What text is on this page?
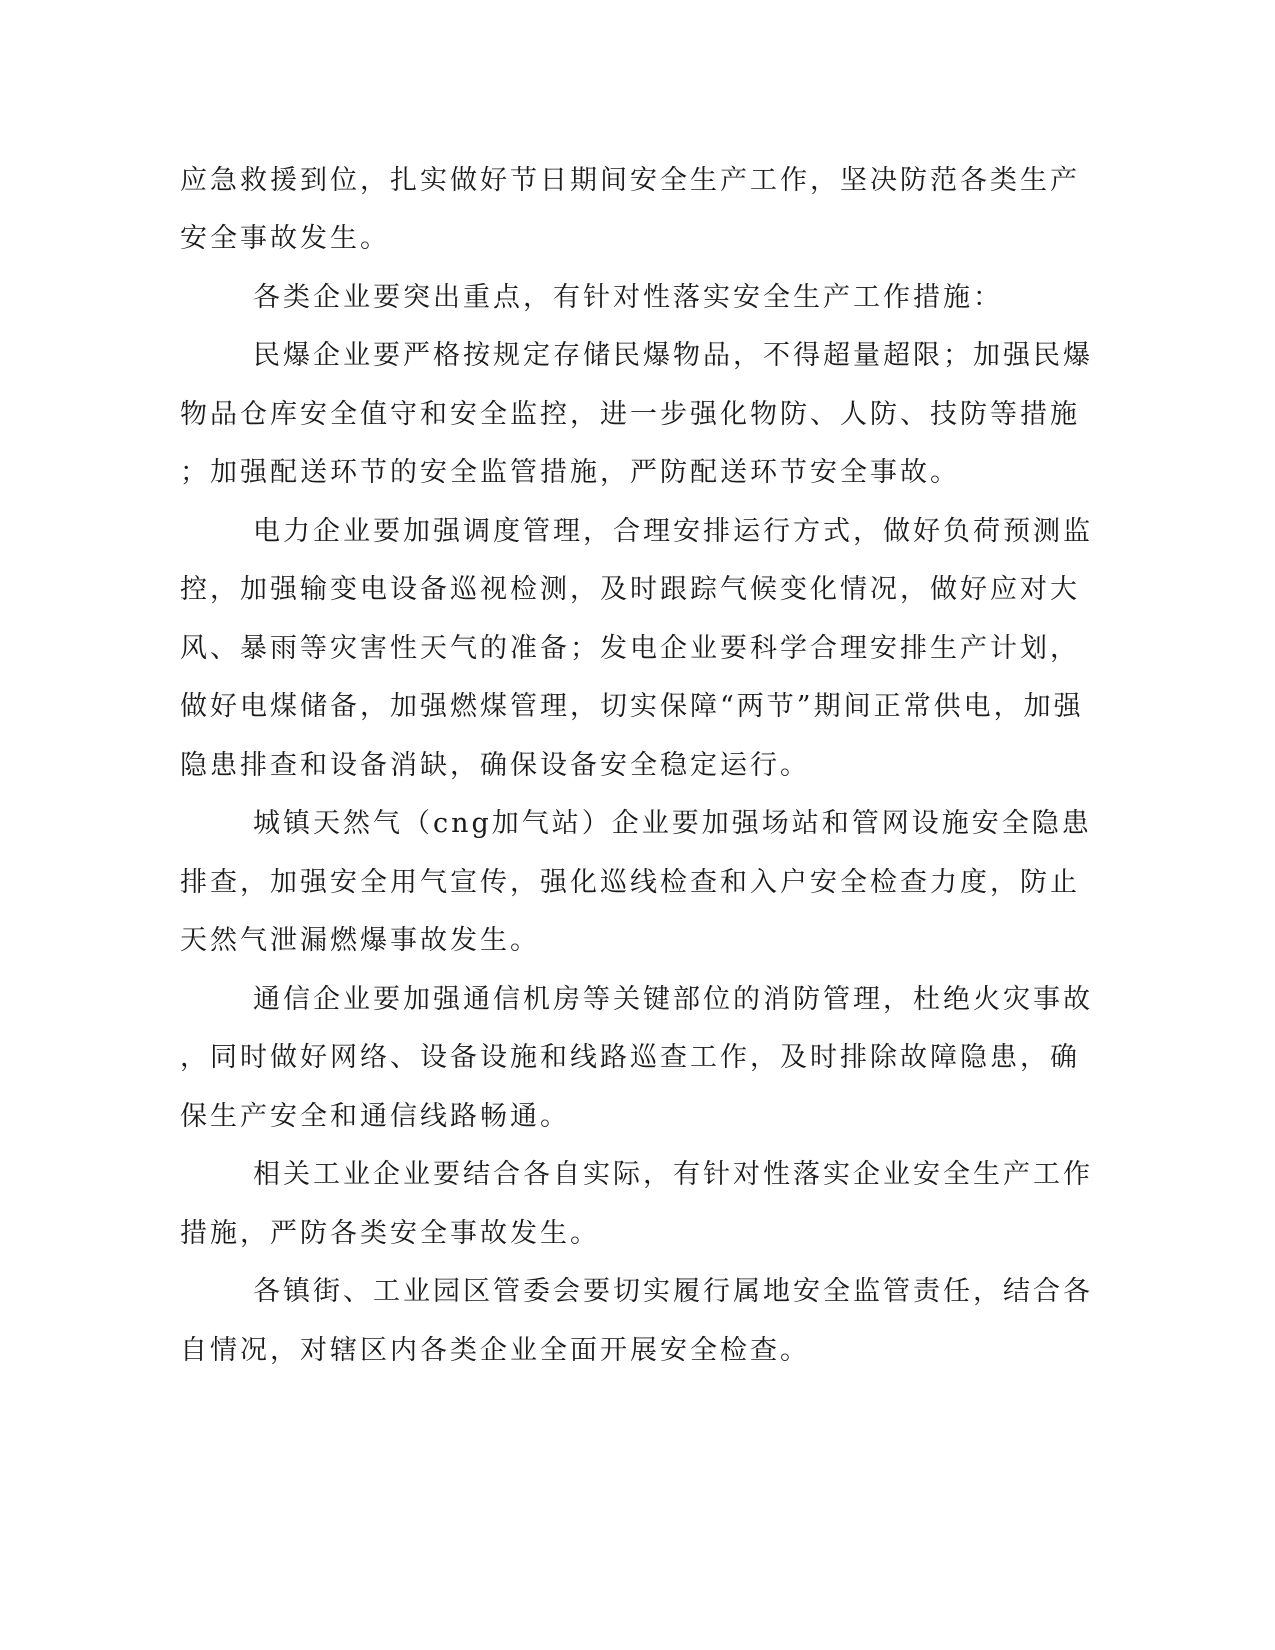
应急救援到位，扎实做好节日期间安全生产工作，坚决防范各类生产

安全事故发生。

各类企业要突出重点，有针对性落实安全生产工作措施：

民爆企业要严格按规定存储民爆物品，不得超量超限；加强民爆

物品仓库安全值守和安全监控，进一步强化物防、人防、技防等措施

；加强配送环节的安全监管措施，严防配送环节安全事故。

电力企业要加强调度管理，合理安排运行方式，做好负荷预测监

控，加强输变电设备巡视检测，及时跟踪气候变化情况，做好应对大

风、暴雨等灾害性天气的准备；发电企业要科学合理安排生产计划，

做好电煤储备，加强燃煤管理，切实保障“两节”期间正常供电，加强

隐患排查和设备消缺，确保设备安全稳定运行。

城镇天然气（cng加气站）企业要加强场站和管网设施安全隐患

排查，加强安全用气宣传，强化巡线检查和入户安全检查力度，防止

天然气泄漏燃爆事故发生。

通信企业要加强通信机房等关键部位的消防管理，杜绝火灾事故

，同时做好网络、设备设施和线路巡查工作，及时排除故障隐患，确

保生产安全和通信线路畅通。

相关工业企业要结合各自实际，有针对性落实企业安全生产工作

措施，严防各类安全事故发生。

各镇街、工业园区管委会要切实履行属地安全监管责任，结合各

自情况，对辖区内各类企业全面开展安全检查。
